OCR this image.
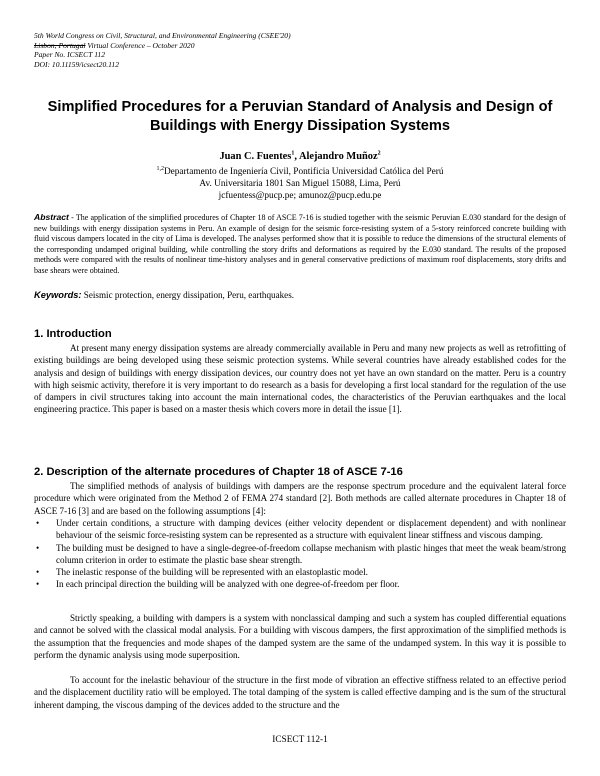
5th World Congress on Civil, Structural, and Environmental Engineering (CSEE'20)
Lisbon, Portugal Virtual Conference – October 2020
Paper No. ICSECT 112
DOI: 10.11159/icsect20.112
Simplified Procedures for a Peruvian Standard of Analysis and Design of Buildings with Energy Dissipation Systems
Juan C. Fuentes$^1$, Alejandro Muñoz$^2$
$^{1,2}$Departamento de Ingeniería Civil, Pontificia Universidad Católica del Perú
Av. Universitaria 1801 San Miguel 15088, Lima, Perú
jcfuentess@pucp.pe; amunoz@pucp.edu.pe
Abstract - The application of the simplified procedures of Chapter 18 of ASCE 7-16 is studied together with the seismic Peruvian E.030 standard for the design of new buildings with energy dissipation systems in Peru. An example of design for the seismic force-resisting system of a 5-story reinforced concrete building with fluid viscous dampers located in the city of Lima is developed. The analyses performed show that it is possible to reduce the dimensions of the structural elements of the corresponding undamped original building, while controlling the story drifts and deformations as required by the E.030 standard. The results of the proposed methods were compared with the results of nonlinear time-history analyses and in general conservative predictions of maximum roof displacements, story drifts and base shears were obtained.
Keywords: Seismic protection, energy dissipation, Peru, earthquakes.
1. Introduction
At present many energy dissipation systems are already commercially available in Peru and many new projects as well as retrofitting of existing buildings are being developed using these seismic protection systems. While several countries have already established codes for the analysis and design of buildings with energy dissipation devices, our country does not yet have an own standard on the matter. Peru is a country with high seismic activity, therefore it is very important to do research as a basis for developing a first local standard for the regulation of the use of dampers in civil structures taking into account the main international codes, the characteristics of the Peruvian earthquakes and the local engineering practice. This paper is based on a master thesis which covers more in detail the issue [1].
2. Description of the alternate procedures of Chapter 18 of ASCE 7-16
The simplified methods of analysis of buildings with dampers are the response spectrum procedure and the equivalent lateral force procedure which were originated from the Method 2 of FEMA 274 standard [2]. Both methods are called alternate procedures in Chapter 18 of ASCE 7-16 [3] and are based on the following assumptions [4]:
• Under certain conditions, a structure with damping devices (either velocity dependent or displacement dependent) and with nonlinear behaviour of the seismic force-resisting system can be represented as a structure with equivalent linear stiffness and viscous damping.
• The building must be designed to have a single-degree-of-freedom collapse mechanism with plastic hinges that meet the weak beam/strong column criterion in order to estimate the plastic base shear strength.
• The inelastic response of the building will be represented with an elastoplastic model.
• In each principal direction the building will be analyzed with one degree-of-freedom per floor.
Strictly speaking, a building with dampers is a system with nonclassical damping and such a system has coupled differential equations and cannot be solved with the classical modal analysis. For a building with viscous dampers, the first approximation of the simplified methods is the assumption that the frequencies and mode shapes of the damped system are the same of the undamped system. In this way it is possible to perform the dynamic analysis using mode superposition.
To account for the inelastic behaviour of the structure in the first mode of vibration an effective stiffness related to an effective period and the displacement ductility ratio will be employed. The total damping of the system is called effective damping and is the sum of the structural inherent damping, the viscous damping of the devices added to the structure and the
ICSECT 112-1
